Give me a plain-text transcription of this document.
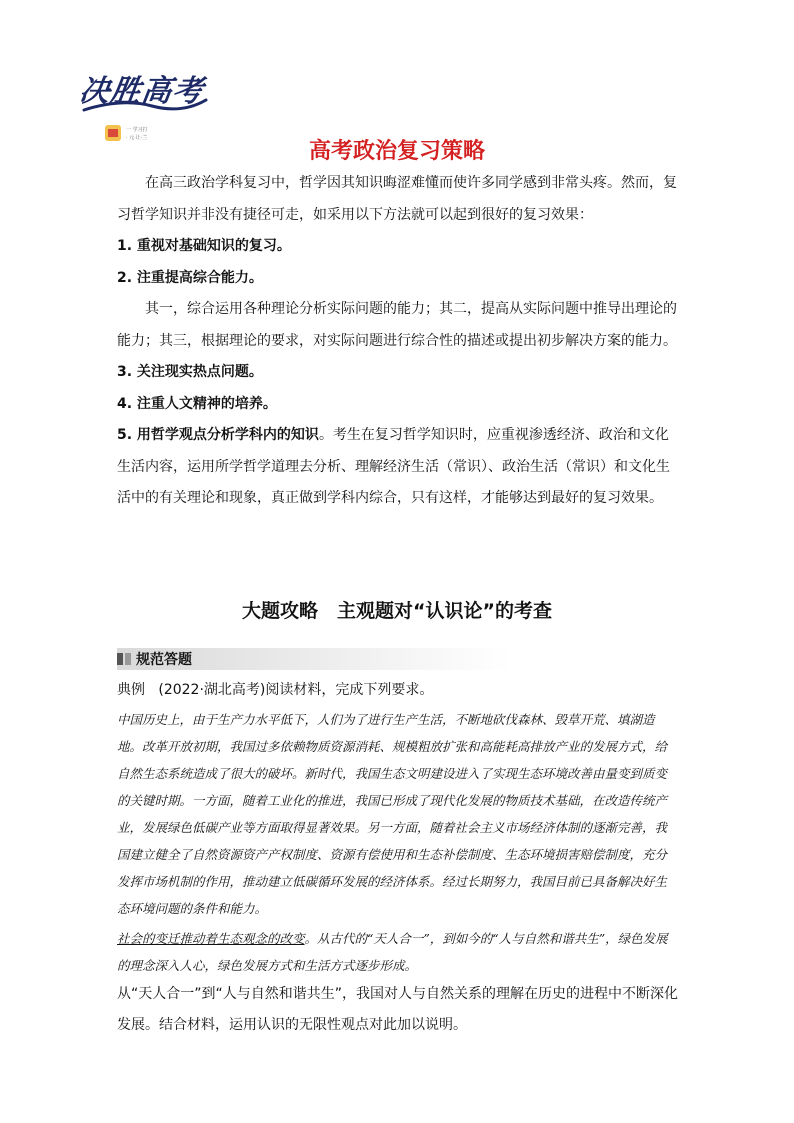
决胜高考
一 学习打
· 元·让·兰
高考政治复习策略

在高三政治学科复习中，哲学因其知识晦涩难懂而使许多同学感到非常头疼。然而，复习哲学知识并非没有捷径可走，如采用以下方法就可以起到很好的复习效果：

1. 重视对基础知识的复习。

2. 注重提高综合能力。

其一，综合运用各种理论分析实际问题的能力；其二，提高从实际问题中推导出理论的能力；其三，根据理论的要求，对实际问题进行综合性的描述或提出初步解决方案的能力。

3. 关注现实热点问题。

4. 注重人文精神的培养。

5. 用哲学观点分析学科内的知识。考生在复习哲学知识时，应重视渗透经济、政治和文化生活内容，运用所学哲学道理去分析、理解经济生活（常识）、政治生活（常识）和文化生活中的有关理论和现象，真正做到学科内综合，只有这样，才能够达到最好的复习效果。

大题攻略　主观题对“认识论”的考查
规范答题

典例 (2022·湖北高考)阅读材料，完成下列要求。

中国历史上，由于生产力水平低下，人们为了进行生产生活，不断地砍伐森林、毁草开荒、填湖造地。改革开放初期，我国过多依赖物质资源消耗、规模粗放扩张和高能耗高排放产业的发展方式，给自然生态系统造成了很大的破坏。新时代，我国生态文明建设进入了实现生态环境改善由量变到质变的关键时期。一方面，随着工业化的推进，我国已形成了现代化发展的物质技术基础，在改造传统产业，发展绿色低碳产业等方面取得显著效果。另一方面，随着社会主义市场经济体制的逐渐完善，我国建立健全了自然资源资产产权制度、资源有偿使用和生态补偿制度、生态环境损害赔偿制度，充分发挥市场机制的作用，推动建立低碳循环发展的经济体系。经过长期努力，我国目前已具备解决好生态环境问题的条件和能力。

社会的变迁推动着生态观念的改变。从古代的“天人合一”，到如今的“人与自然和谐共生”，绿色发展的理念深入人心，绿色发展方式和生活方式逐步形成。

从“天人合一”到“人与自然和谐共生”，我国对人与自然关系的理解在历史的进程中不断深化发展。结合材料，运用认识的无限性观点对此加以说明。
